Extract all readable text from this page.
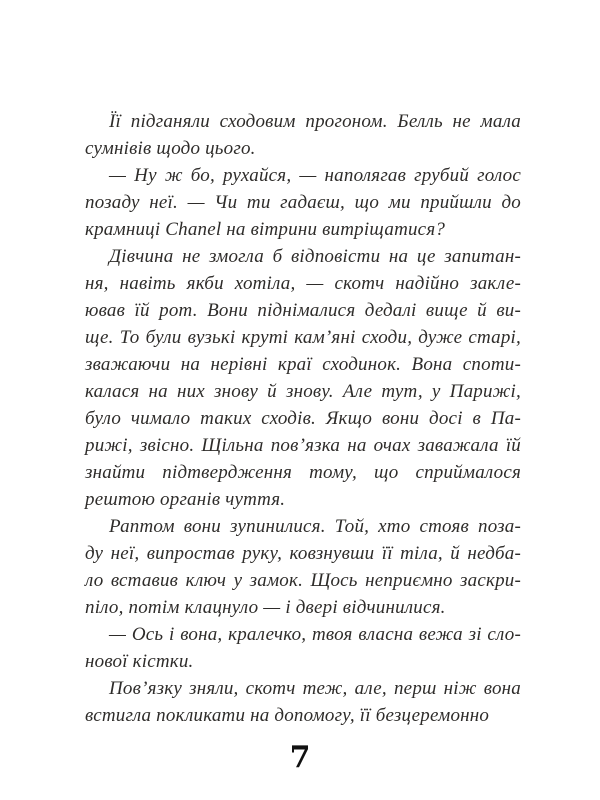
Її підганяли сходовим прогоном. Белль не мала
сумнівів щодо цього.
— Ну ж бо, рухайся, — наполягав грубий голос
позаду неї. — Чи ти гадаєш, що ми прийшли до
крамниці Chanel на вітрини витріщатися?
Дівчина не змогла б відповісти на це запитан-
ня, навіть якби хотіла, — скотч надійно закле-
ював їй рот. Вони піднімалися дедалі вище й ви-
ще. То були вузькі круті кам’яні сходи, дуже старі,
зважаючи на нерівні краї сходинок. Вона споти-
калася на них знову й знову. Але тут, у Парижі,
було чимало таких сходів. Якщо вони досі в Па-
рижі, звісно. Щільна пов’язка на очах заважала їй
знайти підтвердження тому, що сприймалося
рештою органів чуття.
Раптом вони зупинилися. Той, хто стояв поза-
ду неї, випростав руку, ковзнувши її тіла, й недба-
ло вставив ключ у замок. Щось неприємно заскри-
піло, потім клацнуло — і двері відчинилися.
— Ось і вона, кралечко, твоя власна вежа зі сло-
нової кістки.
Пов’язку зняли, скотч теж, але, перш ніж вона
встигла покликати на допомогу, її безцеремонно
7
